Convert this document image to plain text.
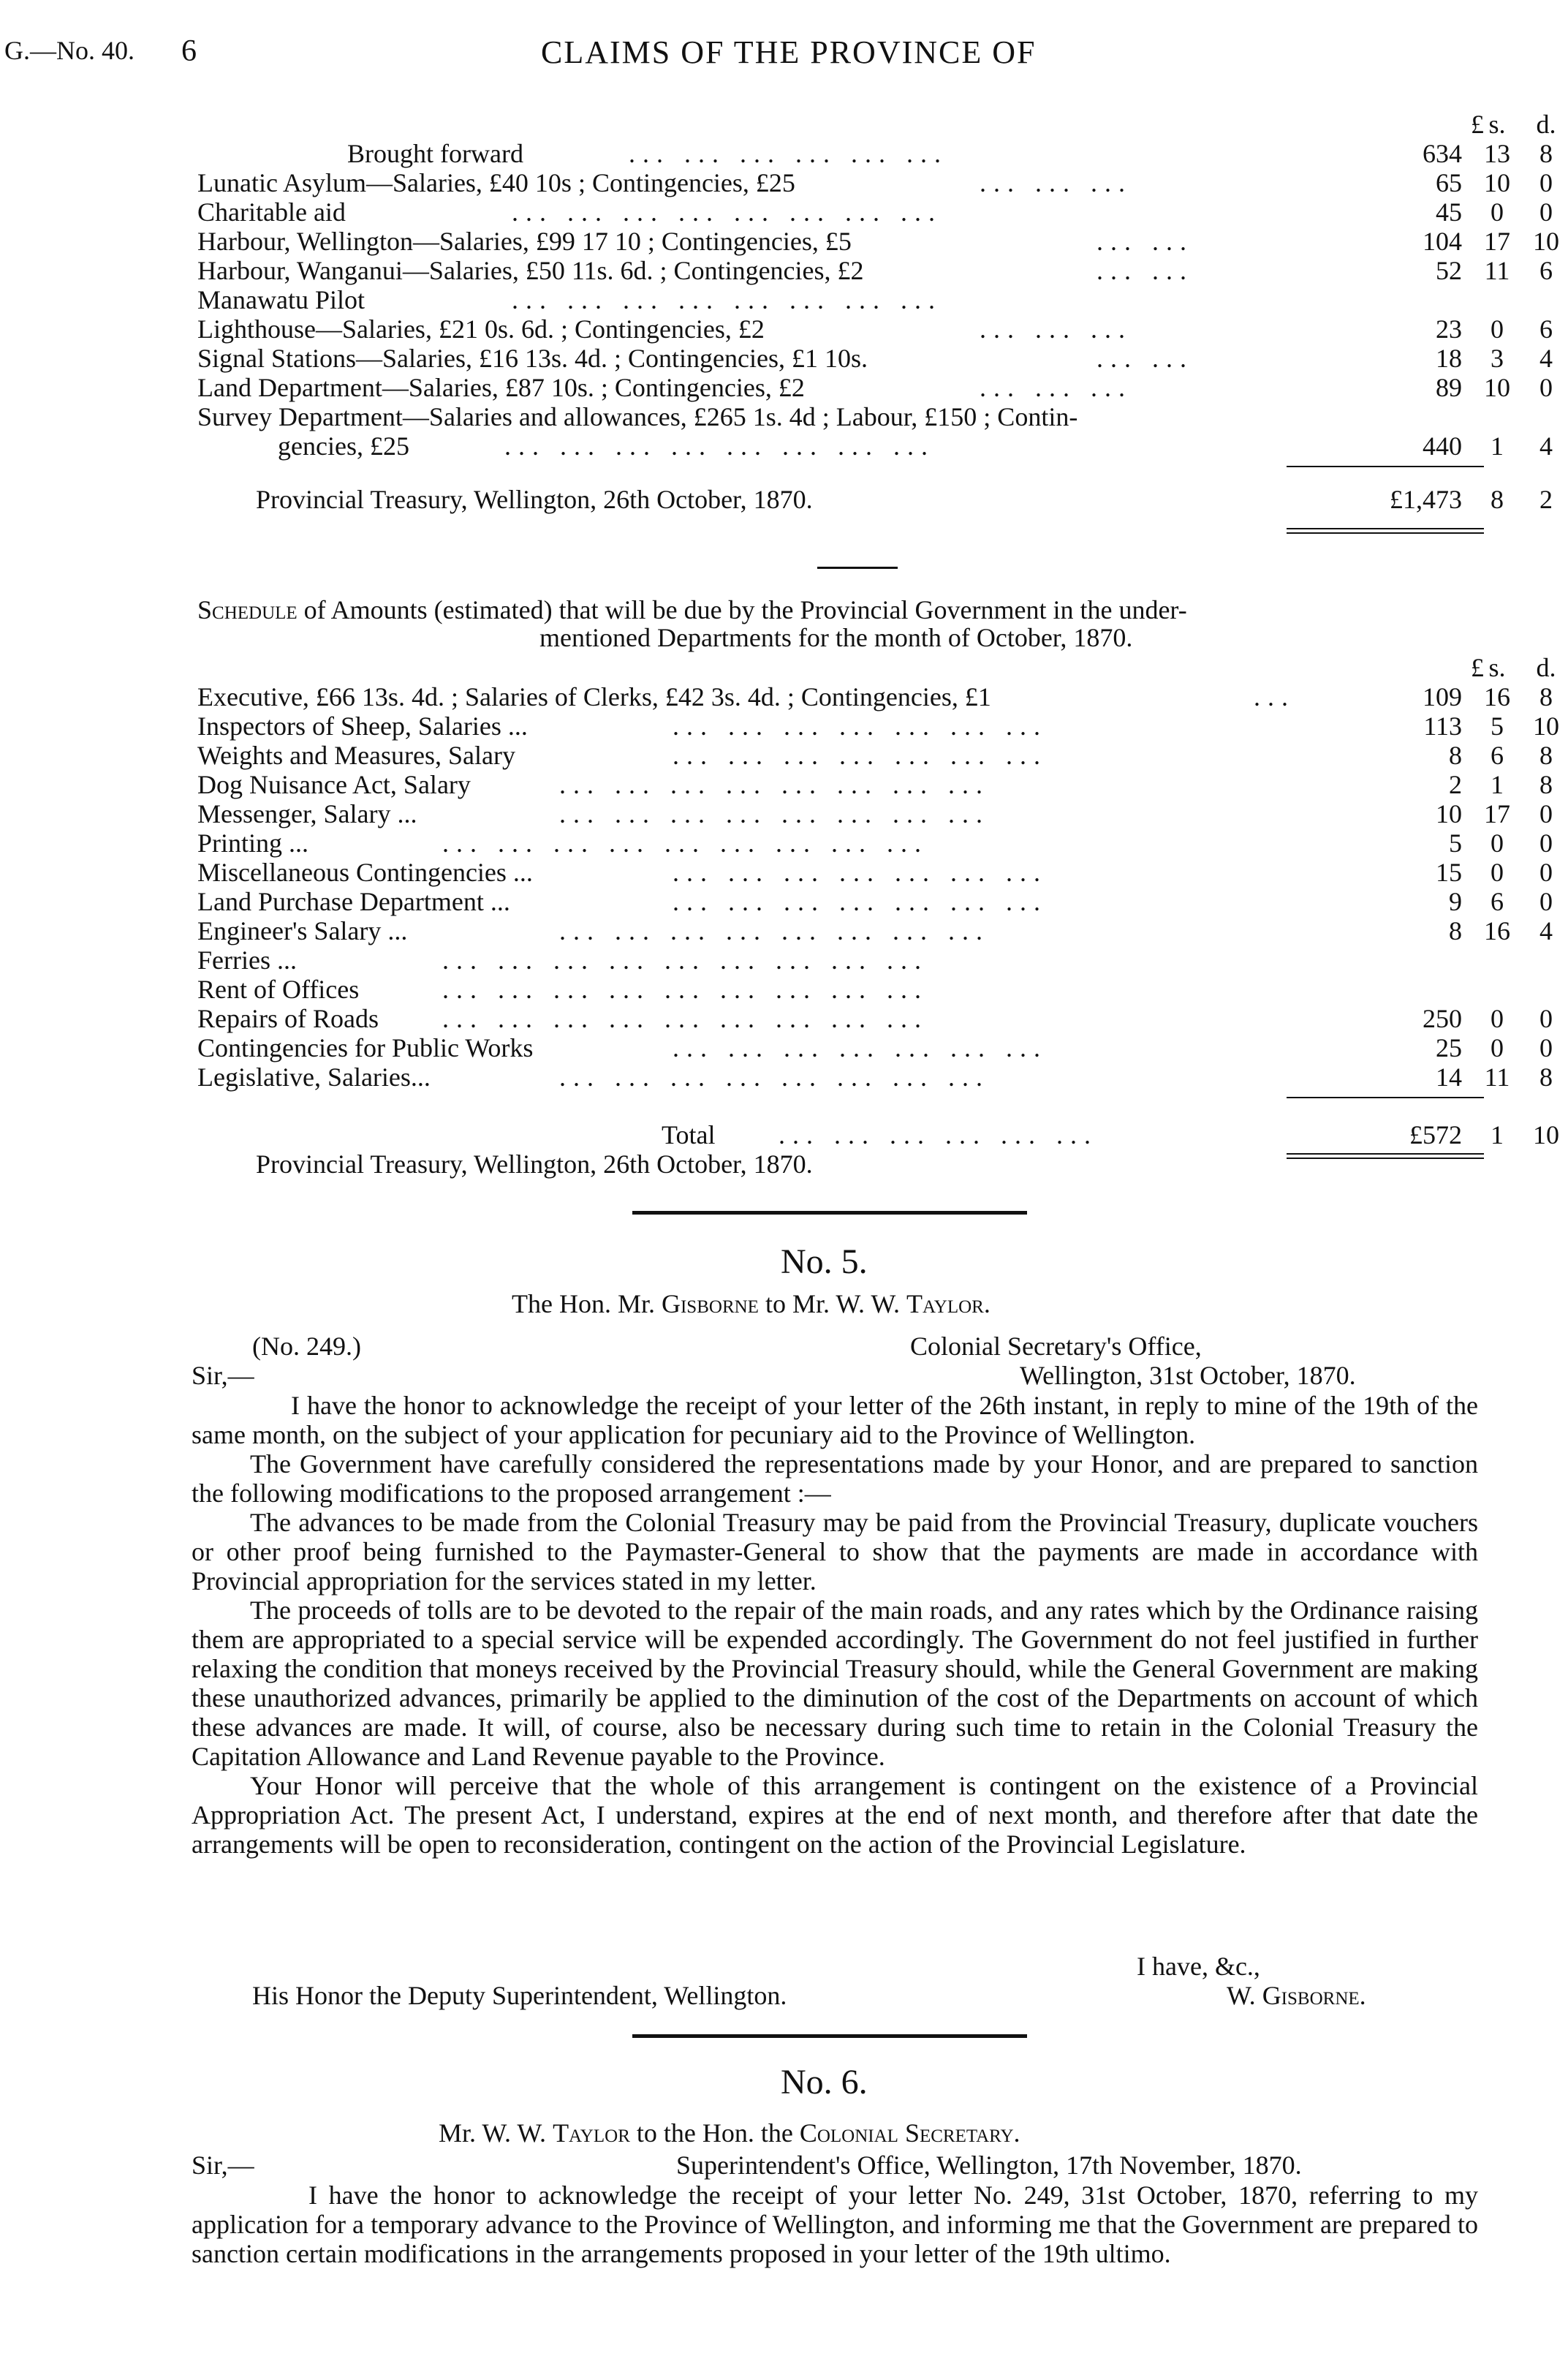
G.—No. 40. 6	CLAIMS OF THE PROVINCE OF
£ s.	d.
Brought forward	... ... ... ... ... ...	634 13	8
Lunatic Asylum—Salaries, £40 10s ; Contingencies, £25	... ... ...	65 10	0
Charitable aid	... ... ... ... ... ... ... ...	45	0	0
Harbour, Wellington—Salaries, £99 17 10 ; Contingencies, £5	... ...	104 17 10
Harbour, Wanganui—Salaries, £50 11s. 6d. ; Contingencies, £2	... ...	52 11	6
Manawatu Pilot	... ... ... ... ... ... ... ...
Lighthouse—Salaries, £21 0s. 6d. ; Contingencies, £2	... ... ...	23	0	6
Signal Stations—Salaries, £16 13s. 4d. ; Contingencies, £1 10s.	... ...	18	3	4
Land Department—Salaries, £87 10s. ; Contingencies, £2	... ... ...	89 10	0
Survey Department—Salaries and allowances, £265 1s. 4d ; Labour, £150 ; Contin-
gencies, £25	... ... ... ... ... ... ... ...	440	1	4
Provincial Treasury, Wellington, 26th October, 1870.	£1,473	8	2
Schedule of Amounts (estimated) that will be due by the Provincial Government in the under-
mentioned Departments for the month of October, 1870.
£ s.	d.
Executive, £66 13s. 4d. ; Salaries of Clerks, £42 3s. 4d. ; Contingencies, £1	...	109 16	8
Inspectors of Sheep, Salaries ...	... ... ... ... ... ... ...	113	5	10
Weights and Measures, Salary	... ... ... ... ... ... ...	8	6	8
Dog Nuisance Act, Salary	... ... ... ... ... ... ... ...	2	1	8
Messenger, Salary ...	... ... ... ... ... ... ... ...	10 17	0
Printing ...	... ... ... ... ... ... ... ... ...	5	0	0
Miscellaneous Contingencies ...	... ... ... ... ... ... ...	15	0	0
Land Purchase Department ...	... ... ... ... ... ... ...	9	6	0
Engineer's Salary ...	... ... ... ... ... ... ... ...	8 16	4
Ferries ...	... ... ... ... ... ... ... ... ...
Rent of Offices	... ... ... ... ... ... ... ... ...
Repairs of Roads ... ... ... ... ... ... ... ... ...	250	0	0
Contingencies for Public Works	... ... ... ... ... ... ...	25	0	0
Legislative, Salaries...	... ... ... ... ... ... ... ...	14 11	8
Total ... ... ... ... ... ...	£572	1	10
Provincial Treasury, Wellington, 26th October, 1870.
No. 5.
The Hon. Mr. Gisborne to Mr. W. W. Taylor.
(No. 249.)	Colonial Secretary's Office,
Sir,—	Wellington, 31st October, 1870.

I have the honor to acknowledge the receipt of your letter of the 26th instant, in reply to mine of the 19th of the same month, on the subject of your application for pecuniary aid to the Province of Wellington.

The Government have carefully considered the representations made by your Honor, and are prepared to sanction the following modifications to the proposed arrangement :—

The advances to be made from the Colonial Treasury may be paid from the Provincial Treasury, duplicate vouchers or other proof being furnished to the Paymaster-General to show that the payments are made in accordance with Provincial appropriation for the services stated in my letter.

The proceeds of tolls are to be devoted to the repair of the main roads, and any rates which by the Ordinance raising them are appropriated to a special service will be expended accordingly. The Government do not feel justified in further relaxing the condition that moneys received by the Provincial Treasury should, while the General Government are making these unauthorized advances, primarily be applied to the diminution of the cost of the Departments on account of which these advances are made. It will, of course, also be necessary during such time to retain in the Colonial Treasury the Capitation Allowance and Land Revenue payable to the Province.

Your Honor will perceive that the whole of this arrangement is contingent on the existence of a Provincial Appropriation Act. The present Act, I understand, expires at the end of next month, and therefore after that date the arrangements will be open to reconsideration, contingent on the action of the Provincial Legislature.

I have, &c.,
His Honor the Deputy Superintendent, Wellington.	W. Gisborne.
No. 6.
Mr. W. W. Taylor to the Hon. the Colonial Secretary.
Sir,—	Superintendent's Office, Wellington, 17th November, 1870.

I have the honor to acknowledge the receipt of your letter No. 249, 31st October, 1870, referring to my application for a temporary advance to the Province of Wellington, and informing me that the Government are prepared to sanction certain modifications in the arrangements proposed in your letter of the 19th ultimo.
